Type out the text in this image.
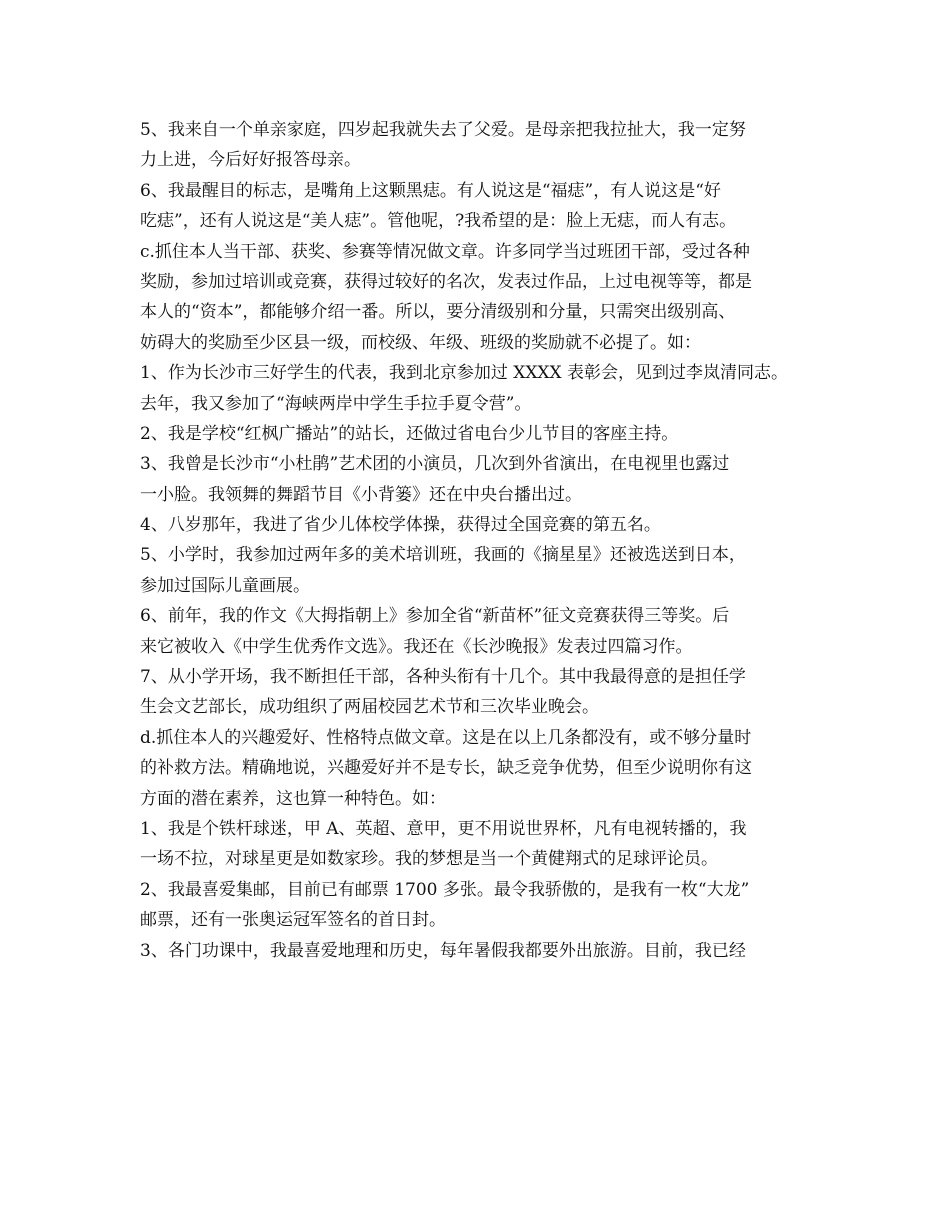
5、我来自一个单亲家庭，四岁起我就失去了父爱。是母亲把我拉扯大，我一定努
力上进，今后好好报答母亲。
6、我最醒目的标志，是嘴角上这颗黑痣。有人说这是“福痣”，有人说这是“好
吃痣”，还有人说这是“美人痣”。管他呢，?我希望的是：脸上无痣，而人有志。
c.抓住本人当干部、获奖、参赛等情况做文章。许多同学当过班团干部，受过各种
奖励，参加过培训或竞赛，获得过较好的名次，发表过作品，上过电视等等，都是
本人的“资本”，都能够介绍一番。所以，要分清级别和分量，只需突出级别高、
妨碍大的奖励至少区县一级，而校级、年级、班级的奖励就不必提了。如：
1、作为长沙市三好学生的代表，我到北京参加过 XXXX 表彰会，见到过李岚清同志。
去年，我又参加了“海峡两岸中学生手拉手夏令营”。
2、我是学校“红枫广播站”的站长，还做过省电台少儿节目的客座主持。
3、我曾是长沙市“小杜鹃”艺术团的小演员，几次到外省演出，在电视里也露过
一小脸。我领舞的舞蹈节目《小背篓》还在中央台播出过。
4、八岁那年，我进了省少儿体校学体操，获得过全国竞赛的第五名。
5、小学时，我参加过两年多的美术培训班，我画的《摘星星》还被选送到日本，
参加过国际儿童画展。
6、前年，我的作文《大拇指朝上》参加全省“新苗杯”征文竞赛获得三等奖。后
来它被收入《中学生优秀作文选》。我还在《长沙晚报》发表过四篇习作。
7、从小学开场，我不断担任干部，各种头衔有十几个。其中我最得意的是担任学
生会文艺部长，成功组织了两届校园艺术节和三次毕业晚会。
d.抓住本人的兴趣爱好、性格特点做文章。这是在以上几条都没有，或不够分量时
的补救方法。精确地说，兴趣爱好并不是专长，缺乏竞争优势，但至少说明你有这
方面的潜在素养，这也算一种特色。如：
1、我是个铁杆球迷，甲 A、英超、意甲，更不用说世界杯，凡有电视转播的，我
一场不拉，对球星更是如数家珍。我的梦想是当一个黄健翔式的足球评论员。
2、我最喜爱集邮，目前已有邮票 1700 多张。最令我骄傲的，是我有一枚“大龙”
邮票，还有一张奥运冠军签名的首日封。
3、各门功课中，我最喜爱地理和历史，每年暑假我都要外出旅游。目前，我已经
